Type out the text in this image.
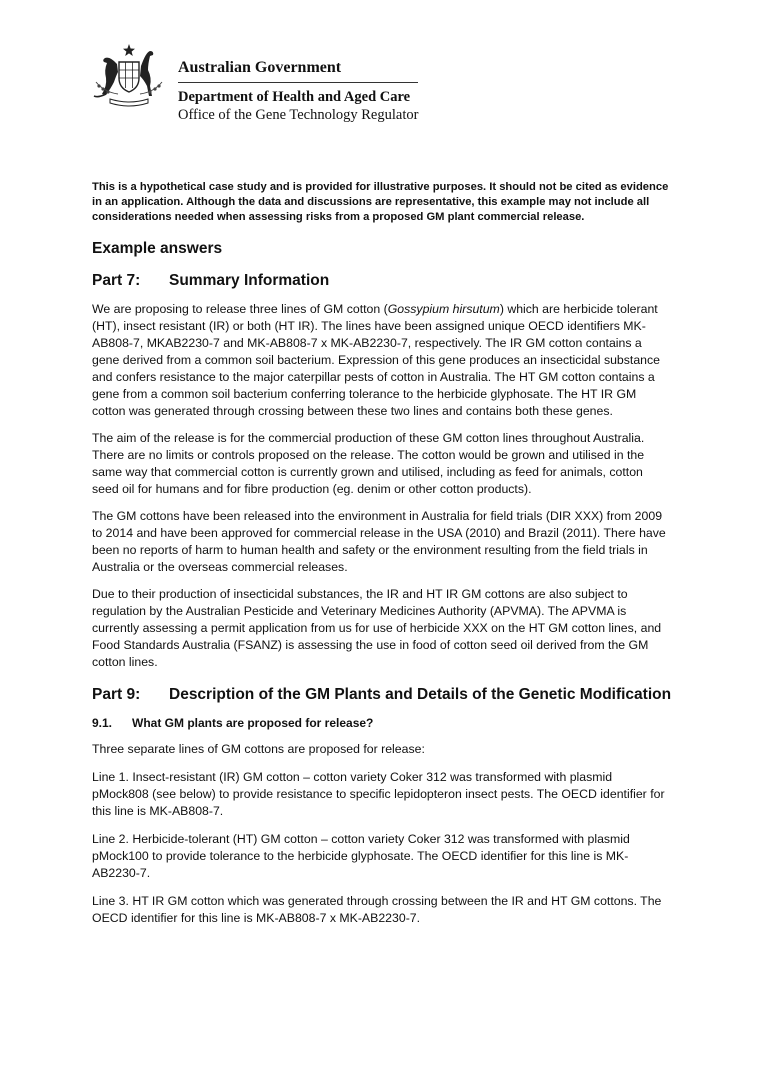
Australian Government

Department of Health and Aged Care

Office of the Gene Technology Regulator

This is a hypothetical case study and is provided for illustrative purposes. It should not be cited as evidence in an application. Although the data and discussions are representative, this example may not include all considerations needed when assessing risks from a proposed GM plant commercial release.

Example answers
Part 7:	Summary Information

We are proposing to release three lines of GM cotton (Gossypium hirsutum) which are herbicide tolerant (HT), insect resistant (IR) or both (HT IR). The lines have been assigned unique OECD identifiers MK-AB808-7, MKAB2230-7 and MK-AB808-7 x MK-AB2230-7, respectively. The IR GM cotton contains a gene derived from a common soil bacterium. Expression of this gene produces an insecticidal substance and confers resistance to the major caterpillar pests of cotton in Australia. The HT GM cotton contains a gene from a common soil bacterium conferring tolerance to the herbicide glyphosate. The HT IR GM cotton was generated through crossing between these two lines and contains both these genes.

The aim of the release is for the commercial production of these GM cotton lines throughout Australia. There are no limits or controls proposed on the release. The cotton would be grown and utilised in the same way that commercial cotton is currently grown and utilised, including as feed for animals, cotton seed oil for humans and for fibre production (eg. denim or other cotton products).

The GM cottons have been released into the environment in Australia for field trials (DIR XXX) from 2009 to 2014 and have been approved for commercial release in the USA (2010) and Brazil (2011). There have been no reports of harm to human health and safety or the environment resulting from the field trials in Australia or the overseas commercial releases.

Due to their production of insecticidal substances, the IR and HT IR GM cottons are also subject to regulation by the Australian Pesticide and Veterinary Medicines Authority (APVMA). The APVMA is currently assessing a permit application from us for use of herbicide XXX on the HT GM cotton lines, and Food Standards Australia (FSANZ) is assessing the use in food of cotton seed oil derived from the GM cotton lines.

Part 9:	Description of the GM Plants and Details of the Genetic Modification
9.1.	What GM plants are proposed for release?

Three separate lines of GM cottons are proposed for release:

Line 1. Insect-resistant (IR) GM cotton – cotton variety Coker 312 was transformed with plasmid pMock808 (see below) to provide resistance to specific lepidopteron insect pests. The OECD identifier for this line is MK-AB808-7.

Line 2. Herbicide-tolerant (HT) GM cotton – cotton variety Coker 312 was transformed with plasmid pMock100 to provide tolerance to the herbicide glyphosate. The OECD identifier for this line is MK-AB2230-7.

Line 3. HT IR GM cotton which was generated through crossing between the IR and HT GM cottons. The OECD identifier for this line is MK-AB808-7 x MK-AB2230-7.
